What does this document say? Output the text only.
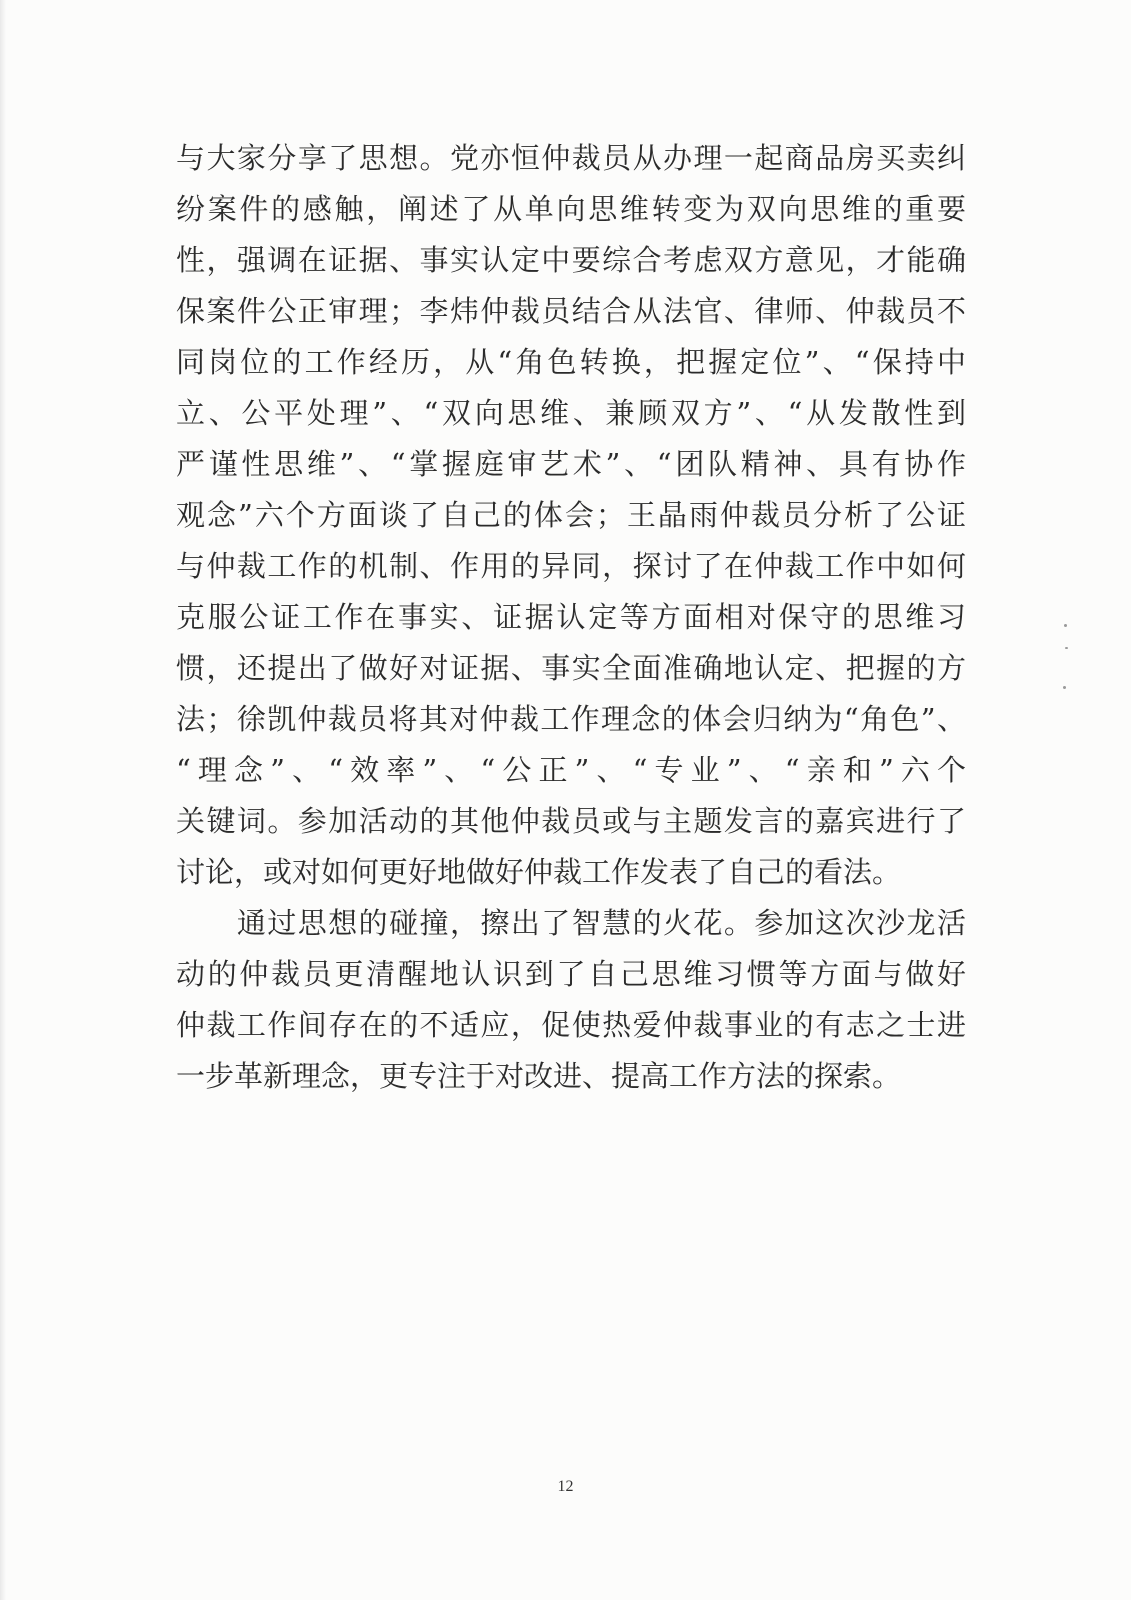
与大家分享了思想。党亦恒仲裁员从办理一起商品房买卖纠
纷案件的感触，阐述了从单向思维转变为双向思维的重要
性，强调在证据、事实认定中要综合考虑双方意见，才能确
保案件公正审理；李炜仲裁员结合从法官、律师、仲裁员不
同岗位的工作经历，从“角色转换，把握定位”、“保持中
立、公平处理”、“双向思维、兼顾双方”、“从发散性到
严谨性思维”、“掌握庭审艺术”、“团队精神、具有协作
观念”六个方面谈了自己的体会；王晶雨仲裁员分析了公证
与仲裁工作的机制、作用的异同，探讨了在仲裁工作中如何
克服公证工作在事实、证据认定等方面相对保守的思维习
惯，还提出了做好对证据、事实全面准确地认定、把握的方
法；徐凯仲裁员将其对仲裁工作理念的体会归纳为“角色”、
“理念”、“效率”、“公正”、“专业”、“亲和”六个
关键词。参加活动的其他仲裁员或与主题发言的嘉宾进行了
讨论，或对如何更好地做好仲裁工作发表了自己的看法。
　　通过思想的碰撞，擦出了智慧的火花。参加这次沙龙活
动的仲裁员更清醒地认识到了自己思维习惯等方面与做好
仲裁工作间存在的不适应，促使热爱仲裁事业的有志之士进
一步革新理念，更专注于对改进、提高工作方法的探索。
12
